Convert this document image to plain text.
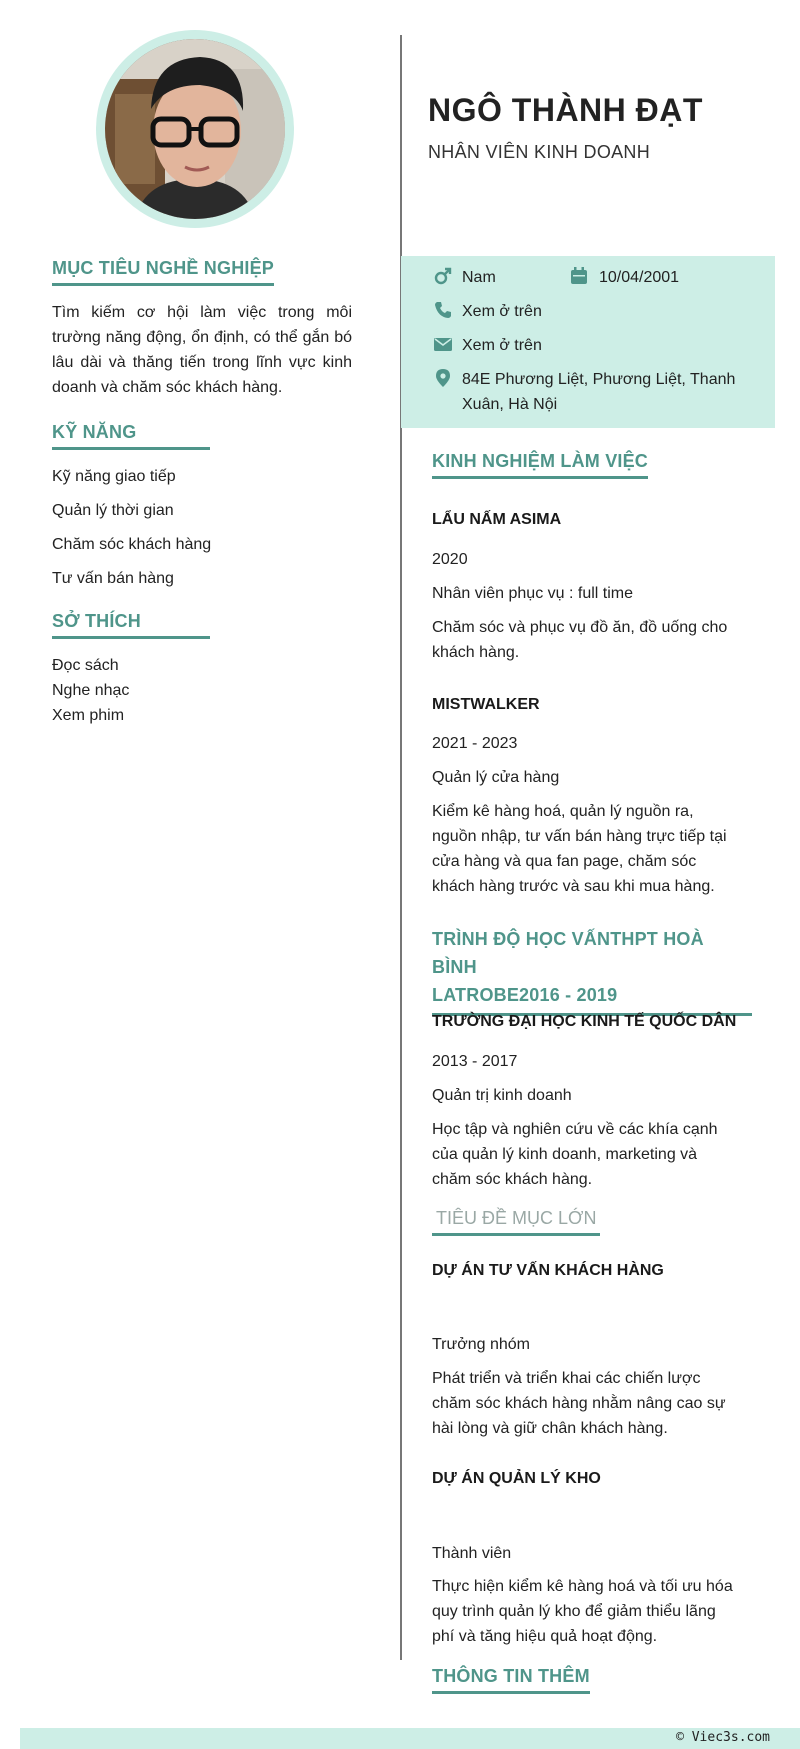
MỤC TIÊU NGHỀ NGHIỆP
Tìm kiếm cơ hội làm việc trong môi trường năng động, ổn định, có thể gắn bó lâu dài và thăng tiến trong lĩnh vực kinh doanh và chăm sóc khách hàng.
KỸ NĂNG
Kỹ năng giao tiếp
Quản lý thời gian
Chăm sóc khách hàng
Tư vấn bán hàng
SỞ THÍCH
Đọc sách
Nghe nhạc
Xem phim
NGÔ THÀNH ĐẠT
NHÂN VIÊN KINH DOANH
Nam	10/04/2001
Xem ở trên
Xem ở trên
84E Phương Liệt, Phương Liệt, Thanh
Xuân, Hà Nội
KINH NGHIỆM LÀM VIỆC
LẨU NẤM ASIMA
2020
Nhân viên phục vụ : full time
Chăm sóc và phục vụ đồ ăn, đồ uống cho
khách hàng.
MISTWALKER
2021 - 2023
Quản lý cửa hàng
Kiểm kê hàng hoá, quản lý nguồn ra,
nguồn nhập, tư vấn bán hàng trực tiếp tại
cửa hàng và qua fan page, chăm sóc
khách hàng trước và sau khi mua hàng.
TRÌNH ĐỘ HỌC VẤNTHPT HOÀ BÌNH
LATROBE2016 - 2019
TRƯỜNG ĐẠI HỌC KINH TẾ QUỐC DÂN
2013 - 2017
Quản trị kinh doanh
Học tập và nghiên cứu về các khía cạnh
của quản lý kinh doanh, marketing và
chăm sóc khách hàng.
TIÊU ĐỀ MỤC LỚN
DỰ ÁN TƯ VẤN KHÁCH HÀNG
Trưởng nhóm
Phát triển và triển khai các chiến lược
chăm sóc khách hàng nhằm nâng cao sự
hài lòng và giữ chân khách hàng.
DỰ ÁN QUẢN LÝ KHO
Thành viên
Thực hiện kiểm kê hàng hoá và tối ưu hóa
quy trình quản lý kho để giảm thiểu lãng
phí và tăng hiệu quả hoạt động.
THÔNG TIN THÊM
© Viec3s.com
